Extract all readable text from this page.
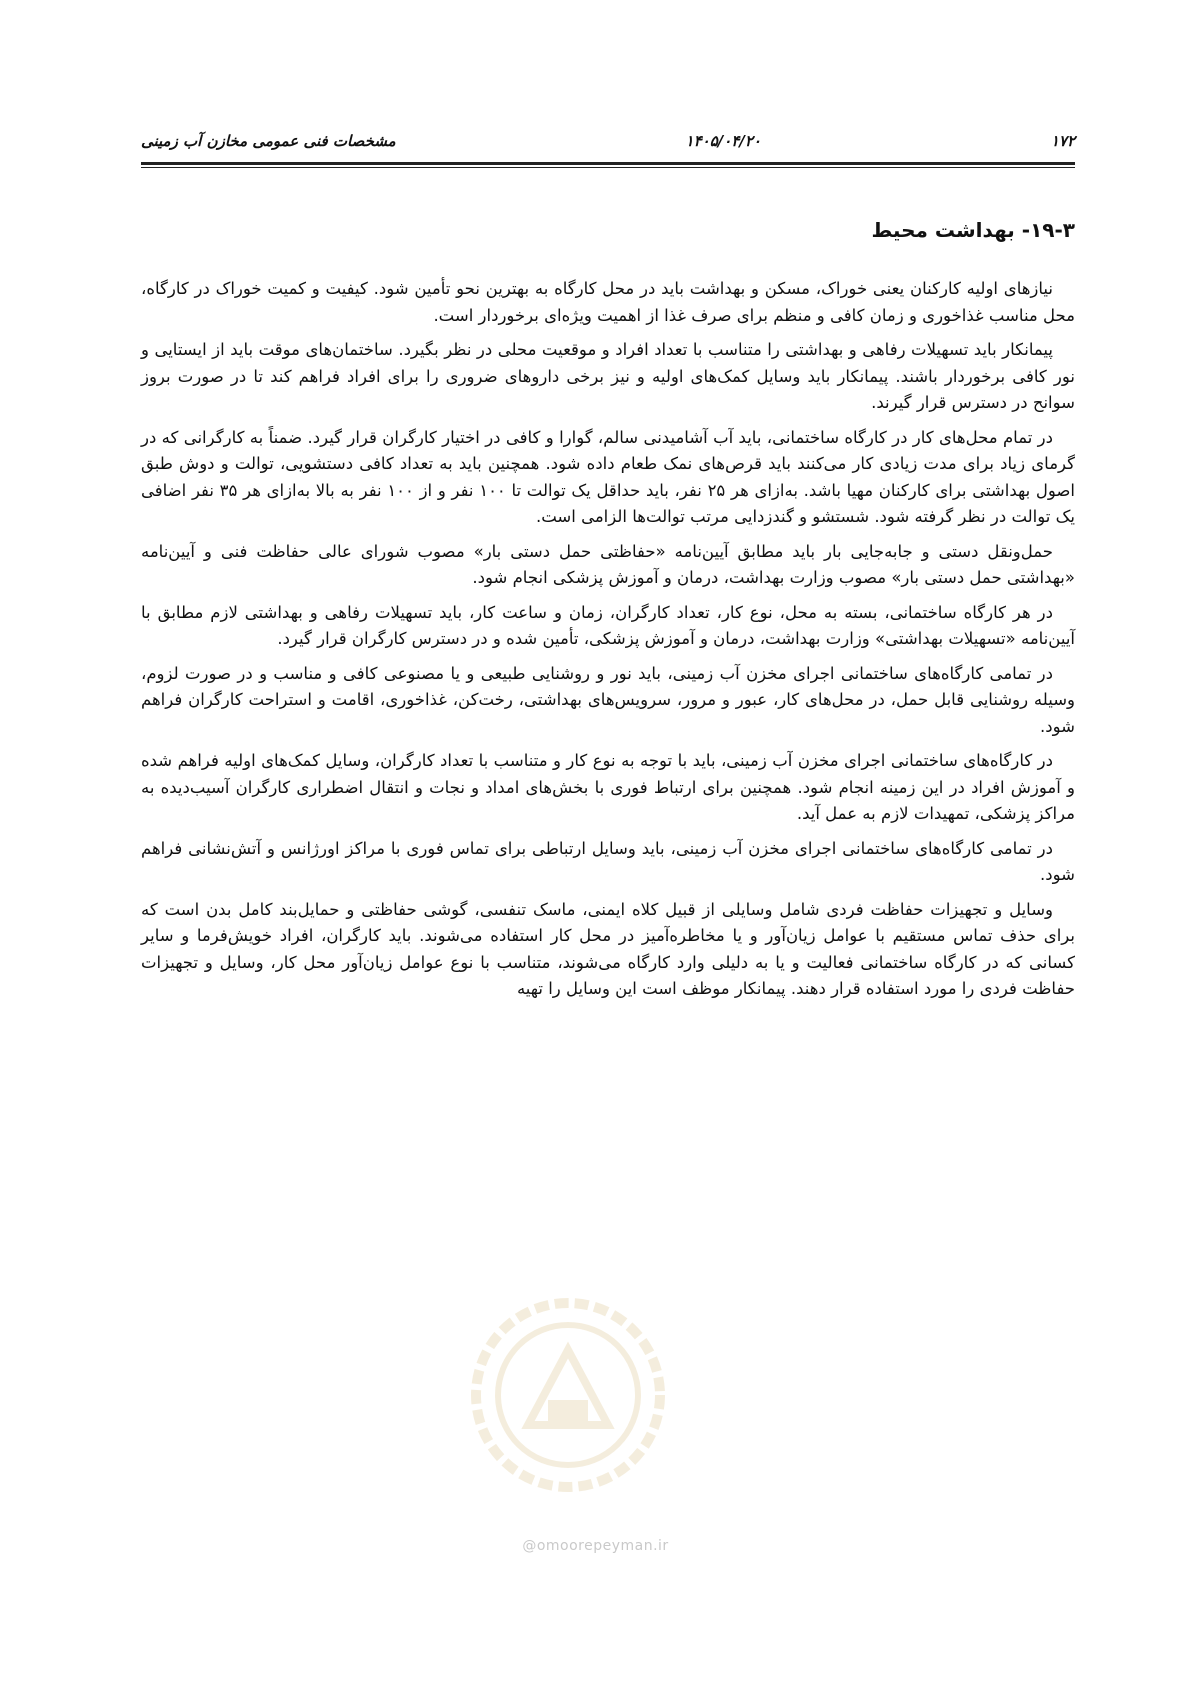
۱۷۲
۱۴۰۵/۰۴/۲۰
مشخصات فنی عمومی مخازن آب زمینی
۱۹-۳- بهداشت محیط

نیازهای اولیه کارکنان یعنی خوراک، مسکن و بهداشت باید در محل کارگاه به بهترین نحو تأمین شود. کیفیت و کمیت خوراک در کارگاه، محل مناسب غذاخوری و زمان کافی و منظم برای صرف غذا از اهمیت ویژه‌ای برخوردار است.

پیمانکار باید تسهیلات رفاهی و بهداشتی را متناسب با تعداد افراد و موقعیت محلی در نظر بگیرد. ساختمان‌های موقت باید از ایستایی و نور کافی برخوردار باشند. پیمانکار باید وسایل کمک‌های اولیه و نیز برخی داروهای ضروری را برای افراد فراهم کند تا در صورت بروز سوانح در دسترس قرار گیرند.

در تمام محل‌های کار در کارگاه ساختمانی، باید آب آشامیدنی سالم، گوارا و کافی در اختیار کارگران قرار گیرد. ضمناً به کارگرانی که در گرمای زیاد برای مدت زیادی کار می‌کنند باید قرص‌های نمک طعام داده شود. همچنین باید به تعداد کافی دستشویی، توالت و دوش طبق اصول بهداشتی برای کارکنان مهیا باشد. به‌ازای هر ۲۵ نفر، باید حداقل یک توالت تا ۱۰۰ نفر و از ۱۰۰ نفر به بالا به‌ازای هر ۳۵ نفر اضافی یک توالت در نظر گرفته شود. شستشو و گندزدایی مرتب توالت‌ها الزامی است.

حمل‌ونقل دستی و جابه‌جایی بار باید مطابق آیین‌نامه «حفاظتی حمل دستی بار» مصوب شورای عالی حفاظت فنی و آیین‌نامه «بهداشتی حمل دستی بار» مصوب وزارت بهداشت، درمان و آموزش پزشکی انجام شود.

در هر کارگاه ساختمانی، بسته به محل، نوع کار، تعداد کارگران، زمان و ساعت کار، باید تسهیلات رفاهی و بهداشتی لازم مطابق با آیین‌نامه «تسهیلات بهداشتی» وزارت بهداشت، درمان و آموزش پزشکی، تأمین شده و در دسترس کارگران قرار گیرد.

در تمامی کارگاه‌های ساختمانی اجرای مخزن آب زمینی، باید نور و روشنایی طبیعی و یا مصنوعی کافی و مناسب و در صورت لزوم، وسیله روشنایی قابل حمل، در محل‌های کار، عبور و مرور، سرویس‌های بهداشتی، رخت‌کن، غذاخوری، اقامت و استراحت کارگران فراهم شود.

در کارگاه‌های ساختمانی اجرای مخزن آب زمینی، باید با توجه به نوع کار و متناسب با تعداد کارگران، وسایل کمک‌های اولیه فراهم شده و آموزش افراد در این زمینه انجام شود. همچنین برای ارتباط فوری با بخش‌های امداد و نجات و انتقال اضطراری کارگران آسیب‌دیده به مراکز پزشکی، تمهیدات لازم به عمل آید.

در تمامی کارگاه‌های ساختمانی اجرای مخزن آب زمینی، باید وسایل ارتباطی برای تماس فوری با مراکز اورژانس و آتش‌نشانی فراهم شود.

وسایل و تجهیزات حفاظت فردی شامل وسایلی از قبیل کلاه ایمنی، ماسک تنفسی، گوشی حفاظتی و حمایل‌بند کامل بدن است که برای حذف تماس مستقیم با عوامل زیان‌آور و یا مخاطره‌آمیز در محل کار استفاده می‌شوند. باید کارگران، افراد خویش‌فرما و سایر کسانی که در کارگاه ساختمانی فعالیت و یا به دلیلی وارد کارگاه می‌شوند، متناسب با نوع عوامل زیان‌آور محل کار، وسایل و تجهیزات حفاظت فردی را مورد استفاده قرار دهند. پیمانکار موظف است این وسایل را تهیه

@omoorepeyman.ir
